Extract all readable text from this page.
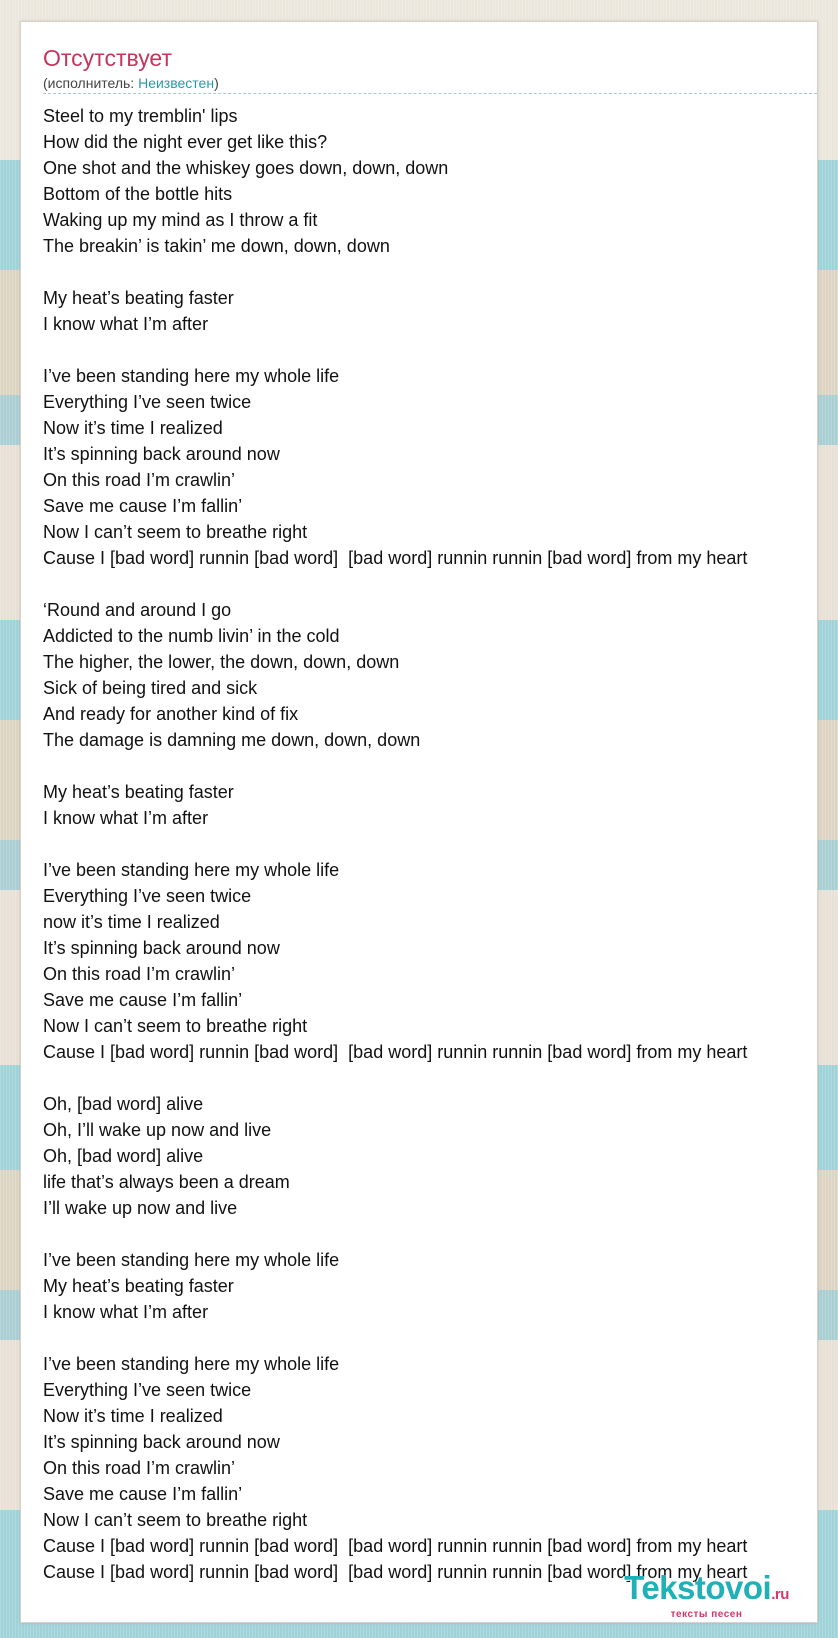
Отсутствует
(исполнитель: Неизвестен)
Steel to my tremblin' lips
How did the night ever get like this?
One shot and the whiskey goes down, down, down
Bottom of the bottle hits
Waking up my mind as I throw a fit
The breakin’ is takin’ me down, down, down
My heat’s beating faster
I know what I’m after
I’ve been standing here my whole life
Everything I’ve seen twice
Now it’s time I realized
It’s spinning back around now
On this road I’m crawlin’
Save me cause I’m fallin’
Now I can’t seem to breathe right
Cause I [bad word] runnin [bad word]  [bad word] runnin runnin [bad word] from my heart
‘Round and around I go
Addicted to the numb livin’ in the cold
The higher, the lower, the down, down, down
Sick of being tired and sick
And ready for another kind of fix
The damage is damning me down, down, down
My heat’s beating faster
I know what I’m after
I’ve been standing here my whole life
Everything I’ve seen twice
now it’s time I realized
It’s spinning back around now
On this road I’m crawlin’
Save me cause I’m fallin’
Now I can’t seem to breathe right
Cause I [bad word] runnin [bad word]  [bad word] runnin runnin [bad word] from my heart
Oh, [bad word] alive
Oh, I’ll wake up now and live
Oh, [bad word] alive
life that’s always been a dream
I’ll wake up now and live
I’ve been standing here my whole life
My heat’s beating faster
I know what I’m after
I’ve been standing here my whole life
Everything I’ve seen twice
Now it’s time I realized
It’s spinning back around now
On this road I’m crawlin’
Save me cause I’m fallin’
Now I can’t seem to breathe right
Cause I [bad word] runnin [bad word]  [bad word] runnin runnin [bad word] from my heart
Cause I [bad word] runnin [bad word]  [bad word] runnin runnin [bad word] from my heart
Tekstovoi.ru
тексты песен
